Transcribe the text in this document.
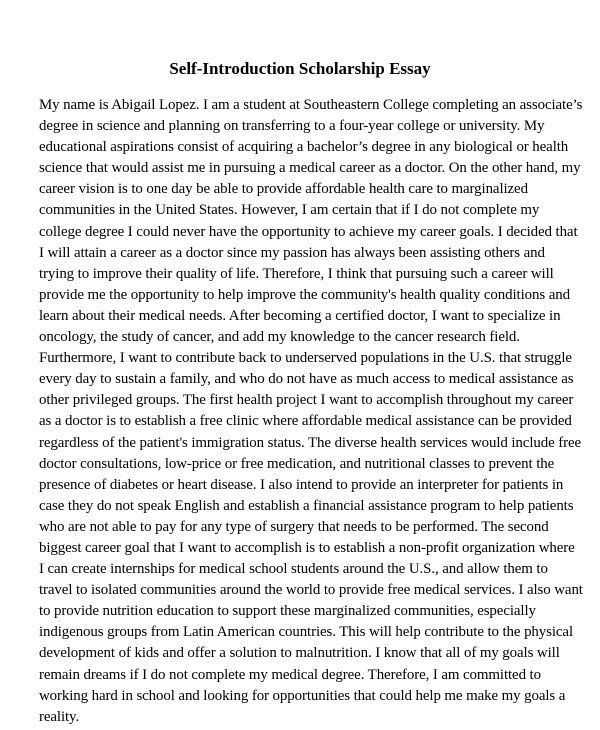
Self-Introduction Scholarship Essay
My name is Abigail Lopez. I am a student at Southeastern College completing an associate’sdegree in science and planning on transferring to a four-year college or university. Myeducational aspirations consist of acquiring a bachelor’s degree in any biological or healthscience that would assist me in pursuing a medical career as a doctor. On the other hand, mycareer vision is to one day be able to provide affordable health care to marginalizedcommunities in the United States. However, I am certain that if I do not complete mycollege degree I could never have the opportunity to achieve my career goals. I decided thatI will attain a career as a doctor since my passion has always been assisting others andtrying to improve their quality of life. Therefore, I think that pursuing such a career willprovide me the opportunity to help improve the community's health quality conditions andlearn about their medical needs. After becoming a certified doctor, I want to specialize inoncology, the study of cancer, and add my knowledge to the cancer research field.Furthermore, I want to contribute back to underserved populations in the U.S. that struggleevery day to sustain a family, and who do not have as much access to medical assistance asother privileged groups. The first health project I want to accomplish throughout my careeras a doctor is to establish a free clinic where affordable medical assistance can be providedregardless of the patient's immigration status. The diverse health services would include freedoctor consultations, low-price or free medication, and nutritional classes to prevent thepresence of diabetes or heart disease. I also intend to provide an interpreter for patients incase they do not speak English and establish a financial assistance program to help patientswho are not able to pay for any type of surgery that needs to be performed. The secondbiggest career goal that I want to accomplish is to establish a non-profit organization whereI can create internships for medical school students around the U.S., and allow them totravel to isolated communities around the world to provide free medical services. I also wantto provide nutrition education to support these marginalized communities, especiallyindigenous groups from Latin American countries. This will help contribute to the physicaldevelopment of kids and offer a solution to malnutrition. I know that all of my goals willremain dreams if I do not complete my medical degree. Therefore, I am committed toworking hard in school and looking for opportunities that could help me make my goals areality.
